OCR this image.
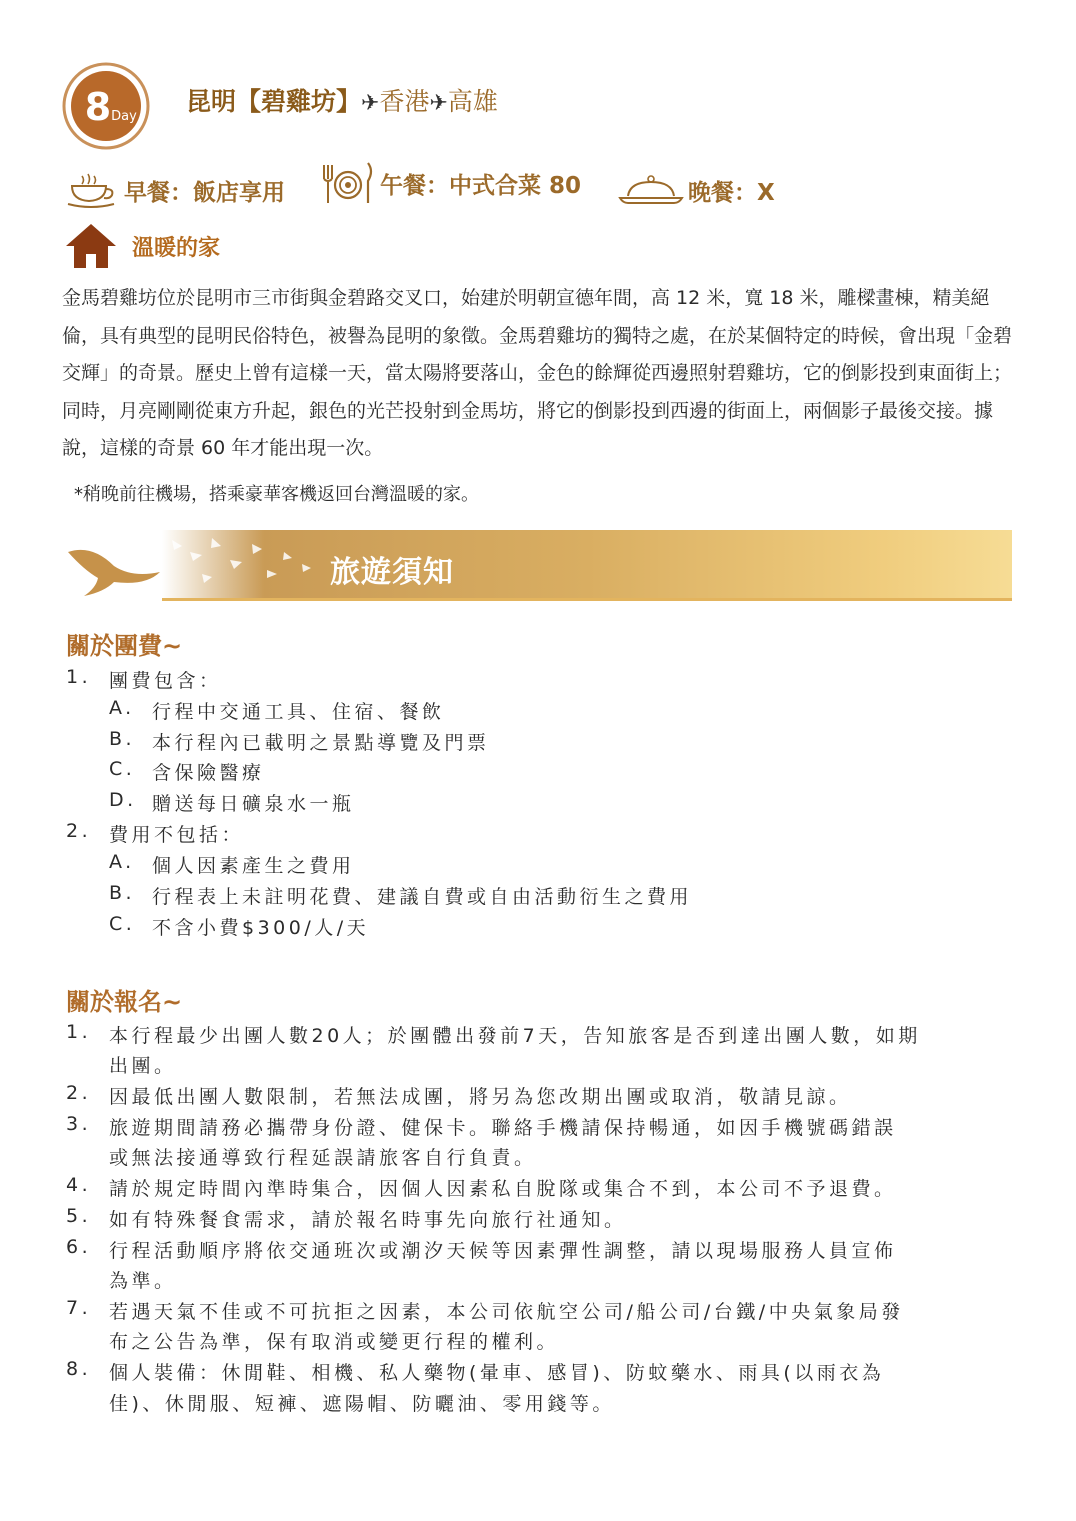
8 Day
昆明【碧雞坊】✈香港✈高雄
早餐：飯店享用	午餐：中式合菜 80	晚餐：X
溫暖的家
金馬碧雞坊位於昆明市三市街與金碧路交叉口，始建於明朝宣德年間，高 12 米，寬 18 米，雕樑畫棟，精美絕倫，具有典型的昆明民俗特色，被譽為昆明的象徵。金馬碧雞坊的獨特之處，在於某個特定的時候，會出現「金碧交輝」的奇景。歷史上曾有這樣一天，當太陽將要落山，金色的餘輝從西邊照射碧雞坊，它的倒影投到東面街上；同時，月亮剛剛從東方升起，銀色的光芒投射到金馬坊，將它的倒影投到西邊的街面上，兩個影子最後交接。據說，這樣的奇景 60 年才能出現一次。
*稍晚前往機場，搭乘豪華客機返回台灣溫暖的家。
旅遊須知
關於團費~
1. 團費包含：
A. 行程中交通工具、住宿、餐飲
B. 本行程內已載明之景點導覽及門票
C. 含保險醫療
D. 贈送每日礦泉水一瓶
2. 費用不包括：
A. 個人因素產生之費用
B. 行程表上未註明花費、建議自費或自由活動衍生之費用
C. 不含小費$300/人/天
關於報名~
1. 本行程最少出團人數20人；於團體出發前7天，告知旅客是否到達出團人數，如期
出團。
2. 因最低出團人數限制，若無法成團，將另為您改期出團或取消，敬請見諒。
3. 旅遊期間請務必攜帶身份證、健保卡。聯絡手機請保持暢通，如因手機號碼錯誤
或無法接通導致行程延誤請旅客自行負責。
4. 請於規定時間內準時集合，因個人因素私自脫隊或集合不到，本公司不予退費。
5. 如有特殊餐食需求，請於報名時事先向旅行社通知。
6. 行程活動順序將依交通班次或潮汐天候等因素彈性調整，請以現場服務人員宣佈
為準。
7. 若遇天氣不佳或不可抗拒之因素，本公司依航空公司/船公司/台鐵/中央氣象局發
布之公告為準，保有取消或變更行程的權利。
8. 個人裝備：休閒鞋、相機、私人藥物(暈車、感冒)、防蚊藥水、雨具(以雨衣為
佳)、休閒服、短褲、遮陽帽、防曬油、零用錢等。
